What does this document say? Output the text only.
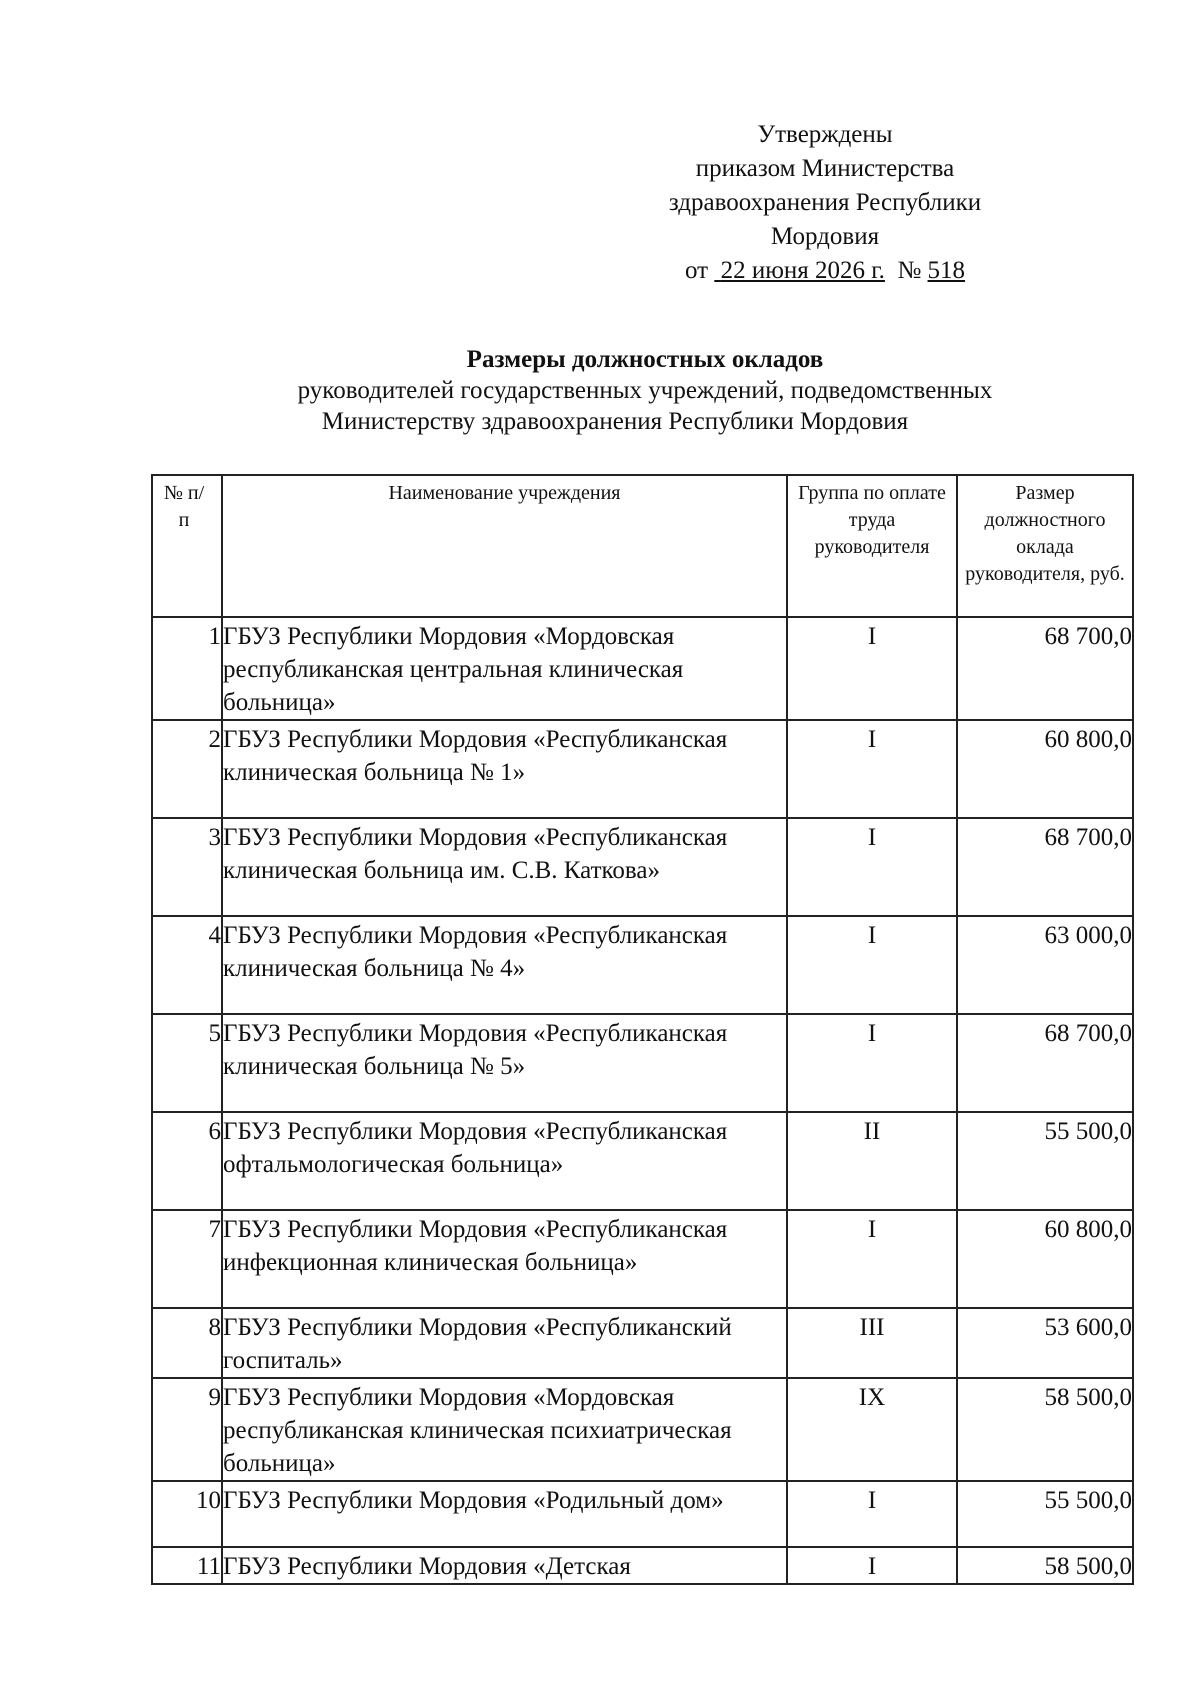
Утверждены
приказом Министерства
здравоохранения Республики
Мордовия
от 22 июня 2026 г. № 518
Размеры должностных окладов
руководителей государственных учреждений, подведомственных
Министерству здравоохранения Республики Мордовия
№ п/п	Наименование учреждения	Группа по оплате труда руководителя	Размер должностного оклада руководителя, руб.
1	ГБУЗ Республики Мордовия «Мордовская республиканская центральная клиническая больница»	I	68 700,0
2	ГБУЗ Республики Мордовия «Республиканская клиническая больница № 1»	I	60 800,0
3	ГБУЗ Республики Мордовия «Республиканская клиническая больница им. С.В. Каткова»	I	68 700,0
4	ГБУЗ Республики Мордовия «Республиканская клиническая больница № 4»	I	63 000,0
5	ГБУЗ Республики Мордовия «Республиканская клиническая больница № 5»	I	68 700,0
6	ГБУЗ Республики Мордовия «Республиканская офтальмологическая больница»	II	55 500,0
7	ГБУЗ Республики Мордовия «Республиканская инфекционная клиническая больница»	I	60 800,0
8	ГБУЗ Республики Мордовия «Республиканский госпиталь»	III	53 600,0
9	ГБУЗ Республики Мордовия «Мордовская республиканская клиническая психиатрическая больница»	IX	58 500,0
10	ГБУЗ Республики Мордовия «Родильный дом»	I	55 500,0
11	ГБУЗ Республики Мордовия «Детская	I	58 500,0
